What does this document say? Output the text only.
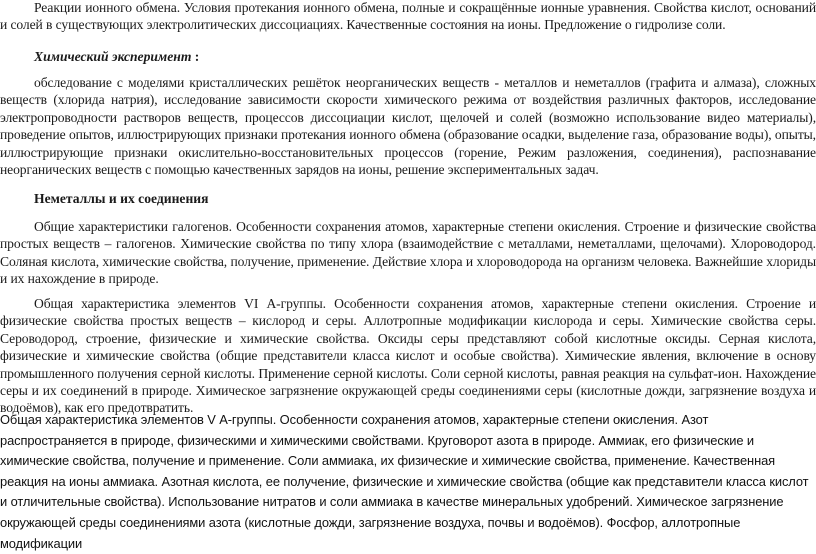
Реакции ионного обмена. Условия протекания ионного обмена, полные и сокращённые ионные уравнения. Свойства кислот, оснований и солей в существующих электролитических диссоциациях. Качественные состояния на ионы. Предложение о гидролизе соли.

Химический эксперимент :

обследование с моделями кристаллических решёток неорганических веществ - металлов и неметаллов (графита и алмаза), сложных веществ (хлорида натрия), исследование зависимости скорости химического режима от воздействия различных факторов, исследование электропроводности растворов веществ, процессов диссоциации кислот, щелочей и солей (возможно использование видео материалы), проведение опытов, иллюстрирующих признаки протекания ионного обмена (образование осадки, выделение газа, образование воды), опыты, иллюстрирующие признаки окислительно-восстановительных процессов (горение, Режим разложения, соединения), распознавание неорганических веществ с помощью качественных зарядов на ионы, решение экспериментальных задач.

Неметаллы и их соединения

Общие характеристики галогенов. Особенности сохранения атомов, характерные степени окисления. Строение и физические свойства простых веществ – галогенов. Химические свойства по типу хлора (взаимодействие с металлами, неметаллами, щелочами). Хлороводород. Соляная кислота, химические свойства, получение, применение. Действие хлора и хлороводорода на организм человека. Важнейшие хлориды и их нахождение в природе.

Общая характеристика элементов VI А-группы. Особенности сохранения атомов, характерные степени окисления. Строение и физические свойства простых веществ – кислород и серы. Аллотропные модификации кислорода и серы. Химические свойства серы. Сероводород, строение, физические и химические свойства. Оксиды серы представляют собой кислотные оксиды. Серная кислота, физические и химические свойства (общие представители класса кислот и особые свойства). Химические явления, включение в основу промышленного получения серной кислоты. Применение серной кислоты. Соли серной кислоты, равная реакция на сульфат-ион. Нахождение серы и их соединений в природе. Химическое загрязнение окружающей среды соединениями серы (кислотные дожди, загрязнение воздуха и водоёмов), как его предотвратить.

Общая характеристика элементов V А-группы. Особенности сохранения атомов, характерные степени окисления. Азот распространяется в природе, физическими и химическими свойствами. Круговорот азота в природе. Аммиак, его физические и химические свойства, получение и применение. Соли аммиака, их физические и химические свойства, применение. Качественная реакция на ионы аммиака. Азотная кислота, ее получение, физические и химические свойства (общие как представители класса кислот и отличительные свойства). Использование нитратов и соли аммиака в качестве минеральных удобрений. Химическое загрязнение окружающей среды соединениями азота (кислотные дожди, загрязнение воздуха, почвы и водоёмов). Фосфор, аллотропные модификации
